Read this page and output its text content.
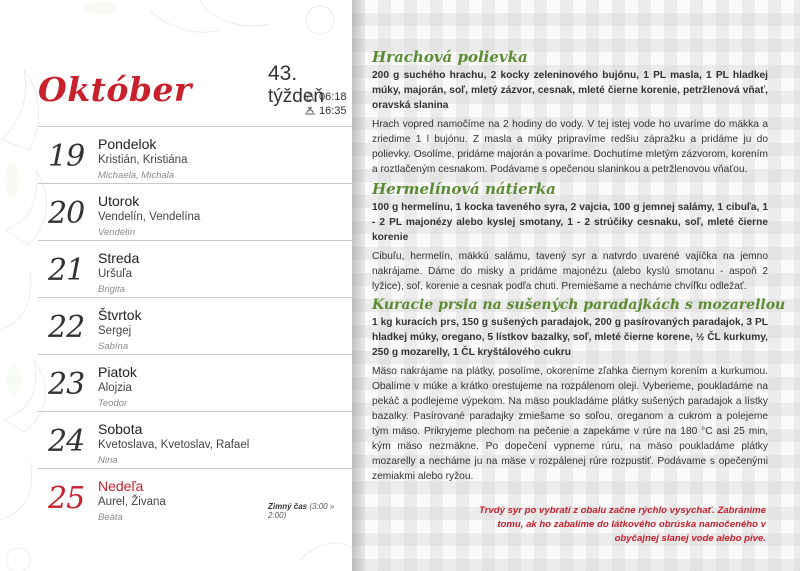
Október	43. týždeň
06:18
16:35
19 Pondelok
Kristián, Kristiána
Michaela, Michala
20 Utorok
Vendelín, Vendelína
Vendelín
21 Streda
Uršuľa
Brigita
22 Štvrtok
Sergej
Sabína
23 Piatok
Alojzia
Teodor
24 Sobota
Kvetoslava, Kvetoslav, Rafael
Nina
25 Nedeľa
Aurel, Živana
Beáta
Zimný čas (3:00 » 2:00)
Hrachová polievka

200 g suchého hrachu, 2 kocky zeleninového bujónu, 1 PL masla, 1 PL hladkej múky, majorán, soľ, mletý zázvor, cesnak, mleté čierne korenie, petržlenová vňať, oravská slanina

Hrach vopred namočíme na 2 hodiny do vody. V tej istej vode ho uvaríme do mäkka a zriedime 1 l bujónu. Z masla a múky pripravíme redšiu zápražku a pridáme ju do polievky. Osolíme, pridáme majorán a povaríme. Dochutíme mletým zázvorom, korením a roztlačeným cesnakom. Podávame s opečenou slaninkou a petržlenovou vňaťou.

Hermelínová nátierka

100 g hermelínu, 1 kocka taveného syra, 2 vajcia, 100 g jemnej salámy, 1 cibuľa, 1 - 2 PL majonézy alebo kyslej smotany, 1 - 2 strúčiky cesnaku, soľ, mleté čierne korenie

Cibuľu, hermelín, mäkkú salámu, tavený syr a natvrdo uvarené vajíčka na jemno nakrájame. Dáme do misky a pridáme majonézu (alebo kyslú smotanu - aspoň 2 lyžice), soľ, korenie a cesnak podľa chuti. Premiešame a necháme chvíľku odležať.

Kuracie prsia na sušených paradajkách s mozarellou

1 kg kuracích prs, 150 g sušených paradajok, 200 g pasírovaných paradajok, 3 PL hladkej múky, oregano, 5 lístkov bazalky, soľ, mleté čierne korene, ½ ČL kurkumy, 250 g mozarelly, 1 ČL kryštálového cukru

Mäso nakrájame na plátky, posolíme, okoreníme zľahka čiernym korením a kurkumou. Obalíme v múke a krátko orestujeme na rozpálenom oleji. Vyberieme, poukladáme na pekáč a podlejeme výpekom. Na mäso poukladáme plátky sušených paradajok a lístky bazalky. Pasírované paradajky zmiešame so soľou, oreganom a cukrom a polejeme tým mäso. Prikryjeme plechom na pečenie a zapekáme v rúre na 180 °C asi 25 min, kým mäso nezmäkne. Po dopečení vypneme rúru, na mäso poukladáme plátky mozarelly a necháme ju na mäse v rozpálenej rúre rozpustiť. Podávame s opečenými zemiakmi alebo ryžou.

Trvdý syr po vybratí z obalu začne rýchlo vysychať. Zabránime tomu, ak ho zabalíme do látkového obrúska namočeného v obyčajnej slanej vode alebo pive.
